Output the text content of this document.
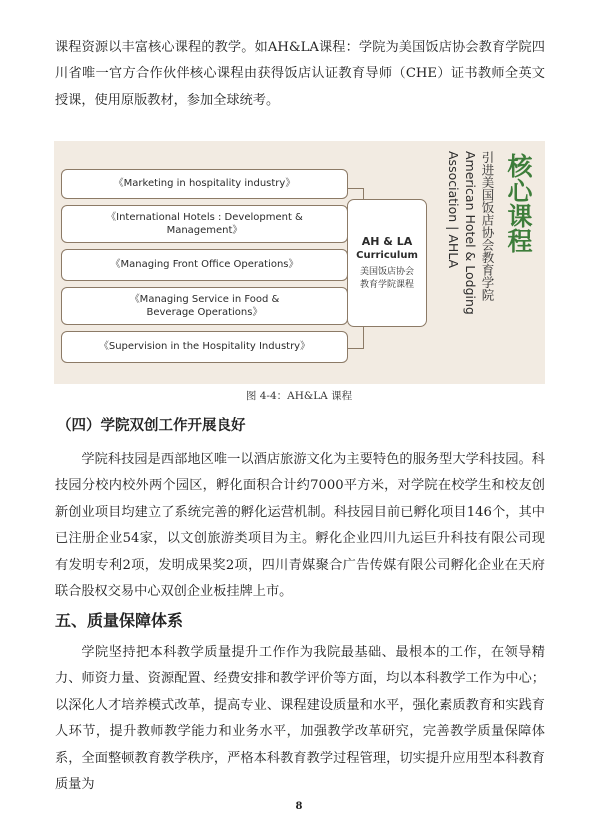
课程资源以丰富核心课程的教学。如AH&LA课程：学院为美国饭店协会教育学院四川省唯一官方合作伙伴核心课程由获得饭店认证教育导师（CHE）证书教师全英文授课，使用原版教材，参加全球统考。

《Marketing in hospitality industry》
《International Hotels : Development & Management》
《Managing Front Office Operations》
《Managing Service in Food & Beverage Operations》
《Supervision in the Hospitality Industry》
AH & LA
Curriculum
美国饭店协会
教育学院课程
核心课程
引进美国饭店协会教育学院
American Hotel & Lodging Association | AHLA
图 4-4：AH&LA 课程
（四）学院双创工作开展良好

学院科技园是西部地区唯一以酒店旅游文化为主要特色的服务型大学科技园。科技园分校内校外两个园区，孵化面积合计约7000平方米，对学院在校学生和校友创新创业项目均建立了系统完善的孵化运营机制。科技园目前已孵化项目146个，其中已注册企业54家，以文创旅游类项目为主。孵化企业四川九运巨升科技有限公司现有发明专利2项，发明成果奖2项，四川青媒聚合广告传媒有限公司孵化企业在天府联合股权交易中心双创企业板挂牌上市。

五、质量保障体系

学院坚持把本科教学质量提升工作作为我院最基础、最根本的工作，在领导精力、师资力量、资源配置、经费安排和教学评价等方面，均以本科教学工作为中心；以深化人才培养模式改革，提高专业、课程建设质量和水平，强化素质教育和实践育人环节，提升教师教学能力和业务水平，加强教学改革研究，完善教学质量保障体系，全面整顿教育教学秩序，严格本科教育教学过程管理，切实提升应用型本科教育质量为

8
